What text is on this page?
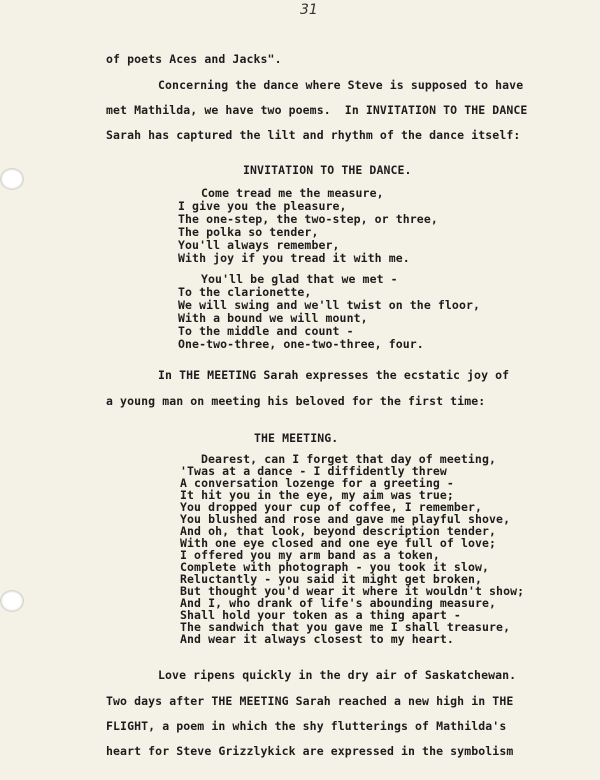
31
of poets Aces and Jacks".
Concerning the dance where Steve is supposed to have
met Mathilda, we have two poems.  In INVITATION TO THE DANCE
Sarah has captured the lilt and rhythm of the dance itself:
INVITATION TO THE DANCE.
Come tread me the measure,
I give you the pleasure,
The one-step, the two-step, or three,
The polka so tender,
You'll always remember,
With joy if you tread it with me.
You'll be glad that we met -
To the clarionette,
We will swing and we'll twist on the floor,
With a bound we will mount,
To the middle and count -
One-two-three, one-two-three, four.
In THE MEETING Sarah expresses the ecstatic joy of
a young man on meeting his beloved for the first time:
THE MEETING.
Dearest, can I forget that day of meeting,
'Twas at a dance - I diffidently threw
A conversation lozenge for a greeting -
It hit you in the eye, my aim was true;
You dropped your cup of coffee, I remember,
You blushed and rose and gave me playful shove,
And oh, that look, beyond description tender,
With one eye closed and one eye full of love;
I offered you my arm band as a token,
Complete with photograph - you took it slow,
Reluctantly - you said it might get broken,
But thought you'd wear it where it wouldn't show;
And I, who drank of life's abounding measure,
Shall hold your token as a thing apart -
The sandwich that you gave me I shall treasure,
And wear it always closest to my heart.
Love ripens quickly in the dry air of Saskatchewan.
Two days after THE MEETING Sarah reached a new high in THE
FLIGHT, a poem in which the shy flutterings of Mathilda's
heart for Steve Grizzlykick are expressed in the symbolism
